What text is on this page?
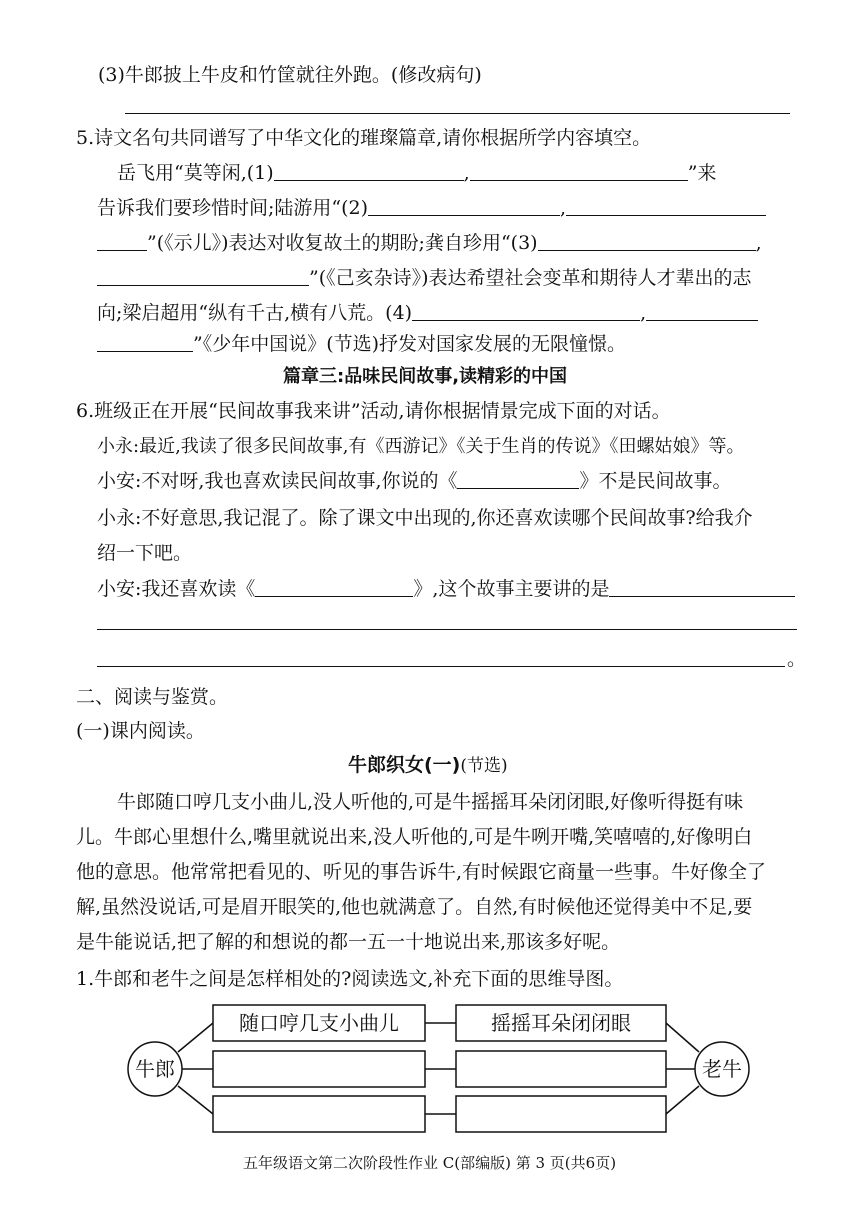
(3)牛郎披上牛皮和竹筐就往外跑。(修改病句)
5.诗文名句共同谱写了中华文化的璀璨篇章,请你根据所学内容填空。
岳飞用“莫等闲,(1)	,	”来
告诉我们要珍惜时间;陆游用“(2)	,
”(《示儿》)表达对收复故土的期盼;龚自珍用“(3)	,
”(《己亥杂诗》)表达希望社会变革和期待人才辈出的志
向;梁启超用“纵有千古,横有八荒。(4)	,
”《少年中国说》(节选)抒发对国家发展的无限憧憬。
篇章三:品味民间故事,读精彩的中国
6.班级正在开展“民间故事我来讲”活动,请你根据情景完成下面的对话。
小永:最近,我读了很多民间故事,有《西游记》《关于生肖的传说》《田螺姑娘》等。
小安:不对呀,我也喜欢读民间故事,你说的《	》不是民间故事。
小永:不好意思,我记混了。除了课文中出现的,你还喜欢读哪个民间故事?给我介
绍一下吧。
小安:我还喜欢读《	》,这个故事主要讲的是
。
二、阅读与鉴赏。
(一)课内阅读。
牛郎织女(一)(节选)
牛郎随口哼几支小曲儿,没人听他的,可是牛摇摇耳朵闭闭眼,好像听得挺有味
儿。牛郎心里想什么,嘴里就说出来,没人听他的,可是牛咧开嘴,笑嘻嘻的,好像明白
他的意思。他常常把看见的、听见的事告诉牛,有时候跟它商量一些事。牛好像全了
解,虽然没说话,可是眉开眼笑的,他也就满意了。自然,有时候他还觉得美中不足,要
是牛能说话,把了解的和想说的都一五一十地说出来,那该多好呢。
1.牛郎和老牛之间是怎样相处的?阅读选文,补充下面的思维导图。
牛郎	老牛
随口哼几支小曲儿	摇摇耳朵闭闭眼
五年级语文第二次阶段性作业 C(部编版) 第 3 页(共6页)
